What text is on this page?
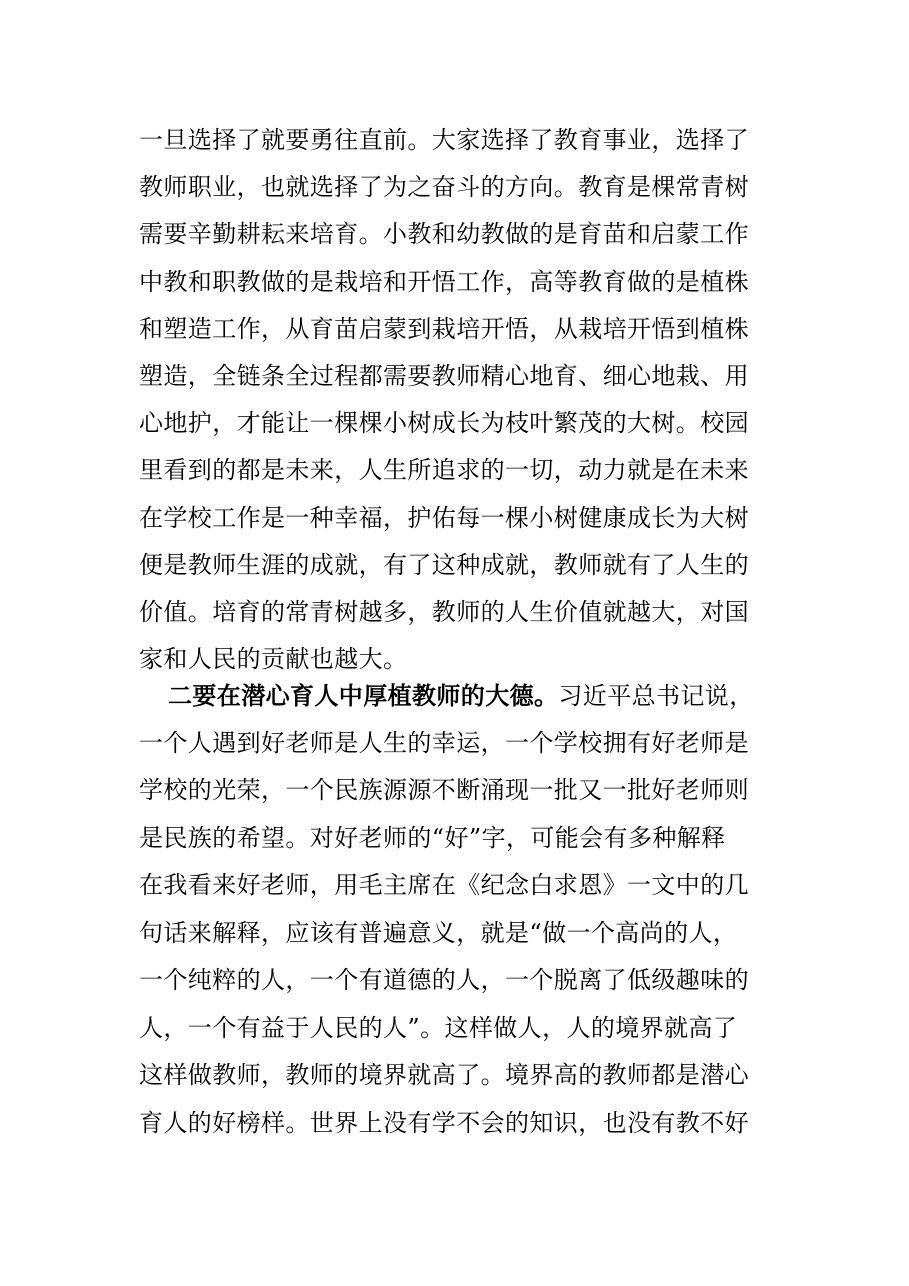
一旦选择了就要勇往直前。大家选择了教育事业，选择了
教师职业，也就选择了为之奋斗的方向。教育是棵常青树
需要辛勤耕耘来培育。小教和幼教做的是育苗和启蒙工作
中教和职教做的是栽培和开悟工作，高等教育做的是植株
和塑造工作，从育苗启蒙到栽培开悟，从栽培开悟到植株
塑造，全链条全过程都需要教师精心地育、细心地栽、用
心地护，才能让一棵棵小树成长为枝叶繁茂的大树。校园
里看到的都是未来，人生所追求的一切，动力就是在未来
在学校工作是一种幸福，护佑每一棵小树健康成长为大树
便是教师生涯的成就，有了这种成就，教师就有了人生的
价值。培育的常青树越多，教师的人生价值就越大，对国
家和人民的贡献也越大。
二要在潜心育人中厚植教师的大德。习近平总书记说，
一个人遇到好老师是人生的幸运，一个学校拥有好老师是
学校的光荣，一个民族源源不断涌现一批又一批好老师则
是民族的希望。对好老师的“好”字，可能会有多种解释
在我看来好老师，用毛主席在《纪念白求恩》一文中的几
句话来解释，应该有普遍意义，就是“做一个高尚的人，
一个纯粹的人，一个有道德的人，一个脱离了低级趣味的
人，一个有益于人民的人”。这样做人，人的境界就高了
这样做教师，教师的境界就高了。境界高的教师都是潜心
育人的好榜样。世界上没有学不会的知识，也没有教不好
